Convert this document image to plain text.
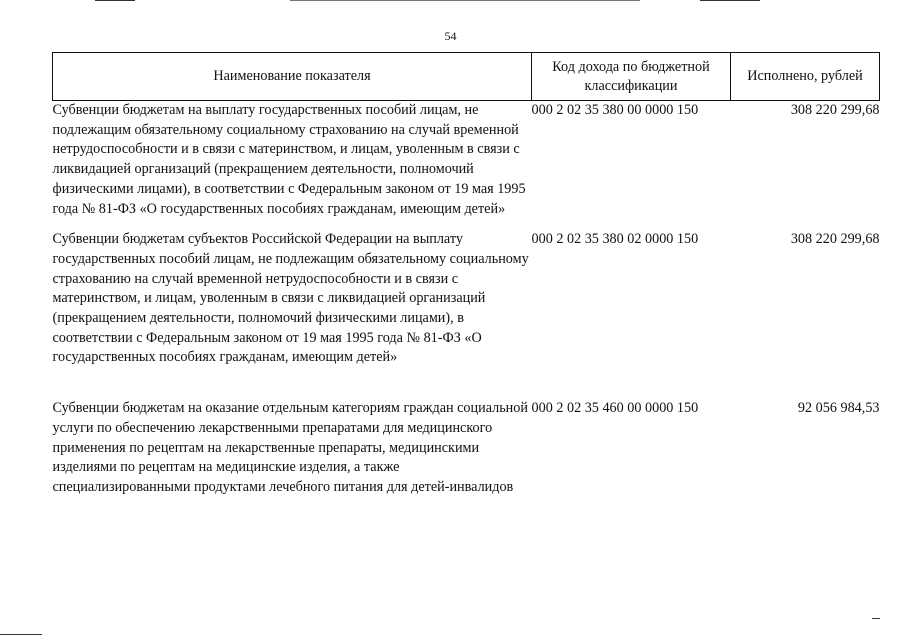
54
Наименование показателя	Код дохода по бюджетной классификации	Исполнено, рублей
Субвенции бюджетам на выплату государственных пособий лицам, не подлежащим обязательному социальному страхованию на случай временной нетрудоспособности и в связи с материнством, и лицам, уволенным в связи с ликвидацией организаций (прекращением деятельности, полномочий физическими лицами), в соответствии с Федеральным законом от 19 мая 1995 года № 81-ФЗ «О государственных пособиях гражданам, имеющим детей»	000 2 02 35 380 00 0000 150	308 220 299,68
Субвенции бюджетам субъектов Российской Федерации на выплату государственных пособий лицам, не подлежащим обязательному социальному страхованию на случай временной нетрудоспособности и в связи с материнством, и лицам, уволенным в связи с ликвидацией организаций (прекращением деятельности, полномочий физическими лицами), в соответствии с Федеральным законом от 19 мая 1995 года № 81-ФЗ «О государственных пособиях гражданам, имеющим детей»	000 2 02 35 380 02 0000 150	308 220 299,68
Субвенции бюджетам на оказание отдельным категориям граждан социальной услуги по обеспечению лекарственными препаратами для медицинского применения по рецептам на лекарственные препараты, медицинскими изделиями по рецептам на медицинские изделия, а также специализированными продуктами лечебного питания для детей-инвалидов	000 2 02 35 460 00 0000 150	92 056 984,53
